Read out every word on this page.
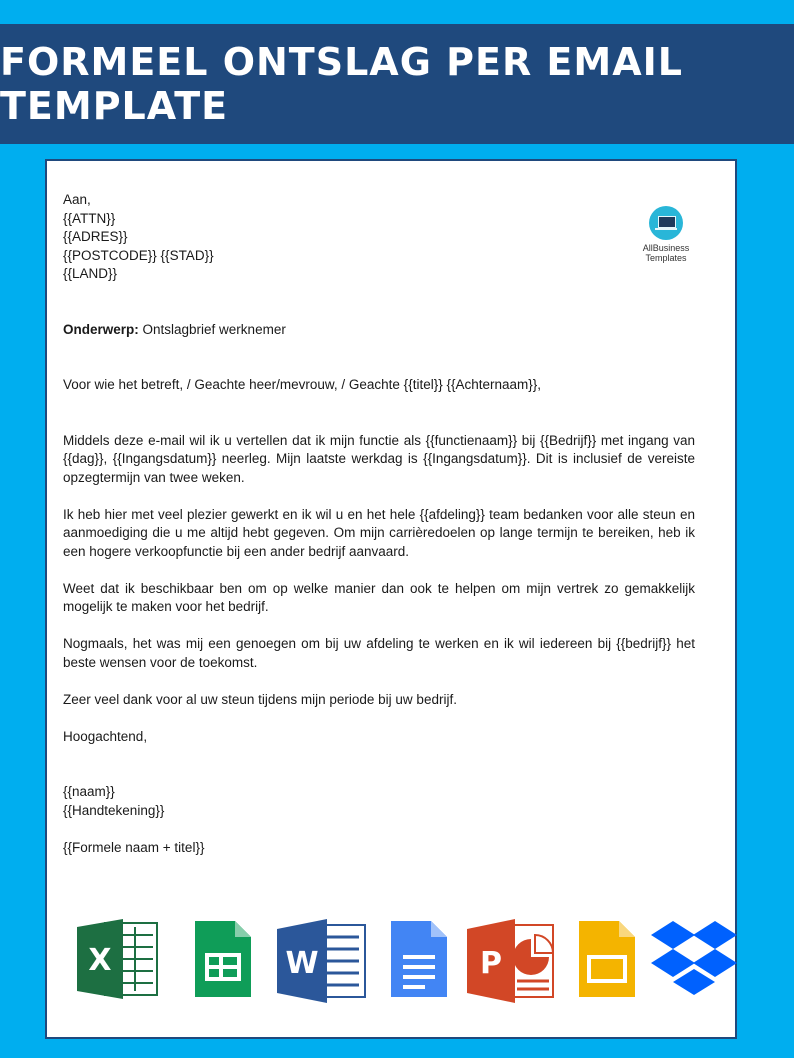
FORMEEL ONTSLAG PER EMAIL TEMPLATE
AllBusiness
Templates

Aan,

{{ATTN}}

{{ADRES}}

{{POSTCODE}} {{STAD}}

{{LAND}}

Onderwerp: Ontslagbrief werknemer

Voor wie het betreft, / Geachte heer/mevrouw, / Geachte {{titel}} {{Achternaam}},

Middels deze e-mail wil ik u vertellen dat ik mijn functie als {{functienaam}} bij {{Bedrijf}} met ingang van {{dag}}, {{Ingangsdatum}} neerleg. Mijn laatste werkdag is {{Ingangsdatum}}. Dit is inclusief de vereiste opzegtermijn van twee weken.

Ik heb hier met veel plezier gewerkt en ik wil u en het hele {{afdeling}} team bedanken voor alle steun en aanmoediging die u me altijd hebt gegeven. Om mijn carrièredoelen op lange termijn te bereiken, heb ik een hogere verkoopfunctie bij een ander bedrijf aanvaard.

Weet dat ik beschikbaar ben om op welke manier dan ook te helpen om mijn vertrek zo gemakkelijk mogelijk te maken voor het bedrijf.

Nogmaals, het was mij een genoegen om bij uw afdeling te werken en ik wil iedereen bij {{bedrijf}} het beste wensen voor de toekomst.

Zeer veel dank voor al uw steun tijdens mijn periode bij uw bedrijf.

Hoogachtend,

{{naam}}

{{Handtekening}}

{{Formele naam + titel}}

X	W	P
